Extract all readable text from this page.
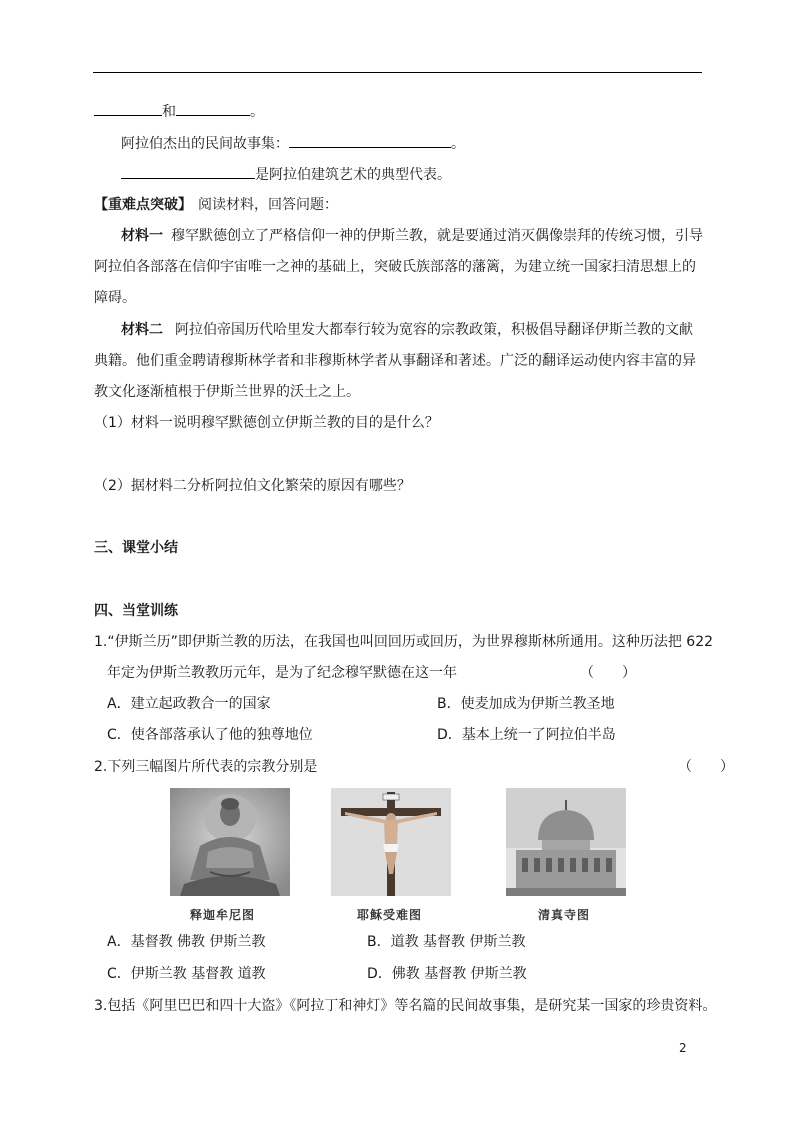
和	。
阿拉伯杰出的民间故事集：	。
是阿拉伯建筑艺术的典型代表。
【重难点突破】 阅读材料，回答问题：
材料一 穆罕默德创立了严格信仰一神的伊斯兰教，就是要通过消灭偶像崇拜的传统习惯，引导
阿拉伯各部落在信仰宇宙唯一之神的基础上，突破氏族部落的藩篱，为建立统一国家扫清思想上的
障碍。
材料二 阿拉伯帝国历代哈里发大都奉行较为宽容的宗教政策，积极倡导翻译伊斯兰教的文献
典籍。他们重金聘请穆斯林学者和非穆斯林学者从事翻译和著述。广泛的翻译运动使内容丰富的异
教文化逐渐植根于伊斯兰世界的沃土之上。
（1）材料一说明穆罕默德创立伊斯兰教的目的是什么？
（2）据材料二分析阿拉伯文化繁荣的原因有哪些？
三、课堂小结
四、当堂训练
1.“伊斯兰历”即伊斯兰教的历法，在我国也叫回回历或回历，为世界穆斯林所通用。这种历法把 622
年定为伊斯兰教教历元年，是为了纪念穆罕默德在这一年	（　　）
A．建立起政教合一的国家	B．使麦加成为伊斯兰教圣地
C．使各部落承认了他的独尊地位	D．基本上统一了阿拉伯半岛
2.下列三幅图片所代表的宗教分别是	（　　）
释迦牟尼图	耶稣受难图	清真寺图
A．基督教 佛教 伊斯兰教	B．道教 基督教 伊斯兰教
C．伊斯兰教 基督教 道教	D．佛教 基督教 伊斯兰教
3.包括《阿里巴巴和四十大盗》《阿拉丁和神灯》等名篇的民间故事集，是研究某一国家的珍贵资料。
2
